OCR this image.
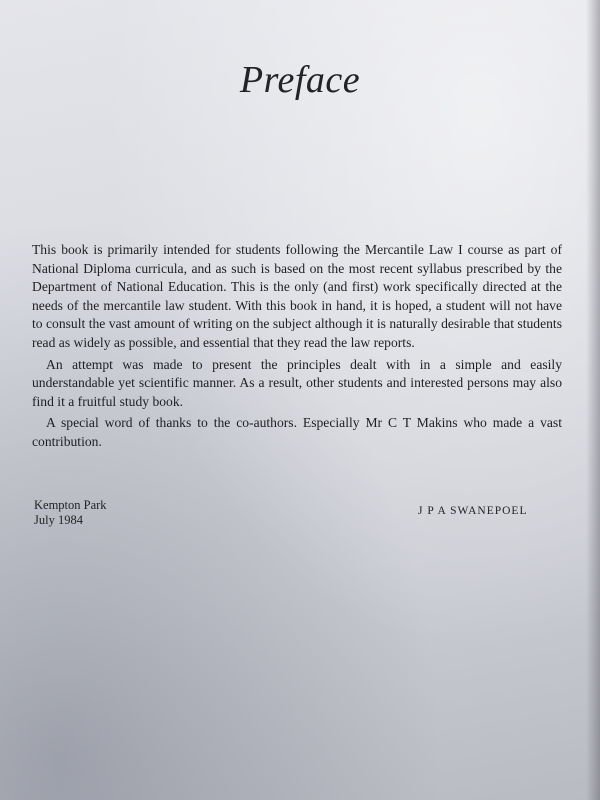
Preface

This book is primarily intended for students following the Mercantile Law I course as part of National Diploma curricula, and as such is based on the most recent syllabus prescribed by the Department of National Education. This is the only (and first) work specifically directed at the needs of the mercantile law student. With this book in hand, it is hoped, a student will not have to consult the vast amount of writing on the subject although it is naturally desirable that students read as widely as possible, and essential that they read the law reports.

An attempt was made to present the principles dealt with in a simple and easily understandable yet scientific manner. As a result, other students and interested persons may also find it a fruitful study book.

A special word of thanks to the co-authors. Especially Mr C T Makins who made a vast contribution.

Kempton Park
July 1984
J P A SWANEPOEL
